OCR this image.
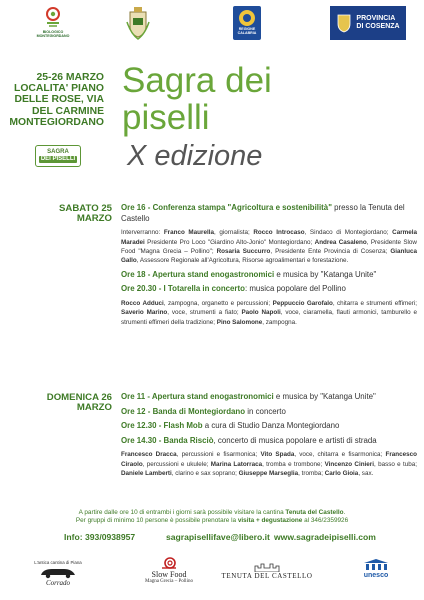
BIOLOGICO MONTEGIORDANO
REGIONE CALABRIA
PROVINCIA
DI COSENZA
25-26 MARZO
LOCALITA' PIANO
DELLE ROSE, VIA
DEL CARMINE
MONTEGIORDANO
SAGRA
DEI PISELLI
Sagra dei
piselli
X edizione
SABATO 25
MARZO
Ore 16 - Conferenza stampa "Agricoltura e sostenibilità" presso la Tenuta del Castello
Interverranno: Franco Maurella, giornalista; Rocco Introcaso, Sindaco di Montegiordano; Carmela Maradei Presidente Pro Loco "Giardino Alto-Jonio" Montegiordano; Andrea Casaleno, Presidente Slow Food "Magna Grecia – Pollino"; Rosaria Succurro, Presidente Ente Provincia di Cosenza; Gianluca Gallo, Assessore Regionale all'Agricoltura, Risorse agroalimentari e forestazione.
Ore 18 - Apertura stand enogastronomici e musica by "Katanga Unite"
Ore 20.30 - I Totarella in concerto: musica popolare del Pollino
Rocco Adduci, zampogna, organetto e percussioni; Peppuccio Garofalo, chitarra e strumenti effimeri; Saverio Marino, voce, strumenti a fiato; Paolo Napoli, voce, ciaramella, flauti armonici, tamburello e strumenti effimeri della tradizione; Pino Salomone, zampogna.
DOMENICA 26
MARZO
Ore 11 - Apertura stand enogastronomici e musica by "Katanga Unite"
Ore 12 - Banda di Montegiordano in concerto
Ore 12.30 - Flash Mob a cura di Studio Danza Montegiordano
Ore 14.30 - Banda Risciò, concerto di musica popolare e artisti di strada
Francesco Dracca, percussioni e fisarmonica; Vito Spada, voce, chitarra e fisarmonica; Francesco Ciraolo, percussioni e ukulele; Marina Latorraca, tromba e trombone; Vincenzo Cinieri, basso e tuba; Daniele Lamberti, clarino e sax soprano; Giuseppe Marseglia, tromba; Carlo Gioia, sax.
A partire dalle ore 10 di entrambi i giorni sarà possibile visitare la cantina Tenuta del Castello.
Per gruppi di minimo 10 persone è possibile prenotare la visita + degustazione al 346/2359926
Info: 393/0938957	sagrapisellifave@libero.it www.sagradeipiselli.com
L'antica cantina di Piana
Corrado
Slow Food
Magna Grecia – Pollino
TENUTA DEL CASTELLO	unesco
